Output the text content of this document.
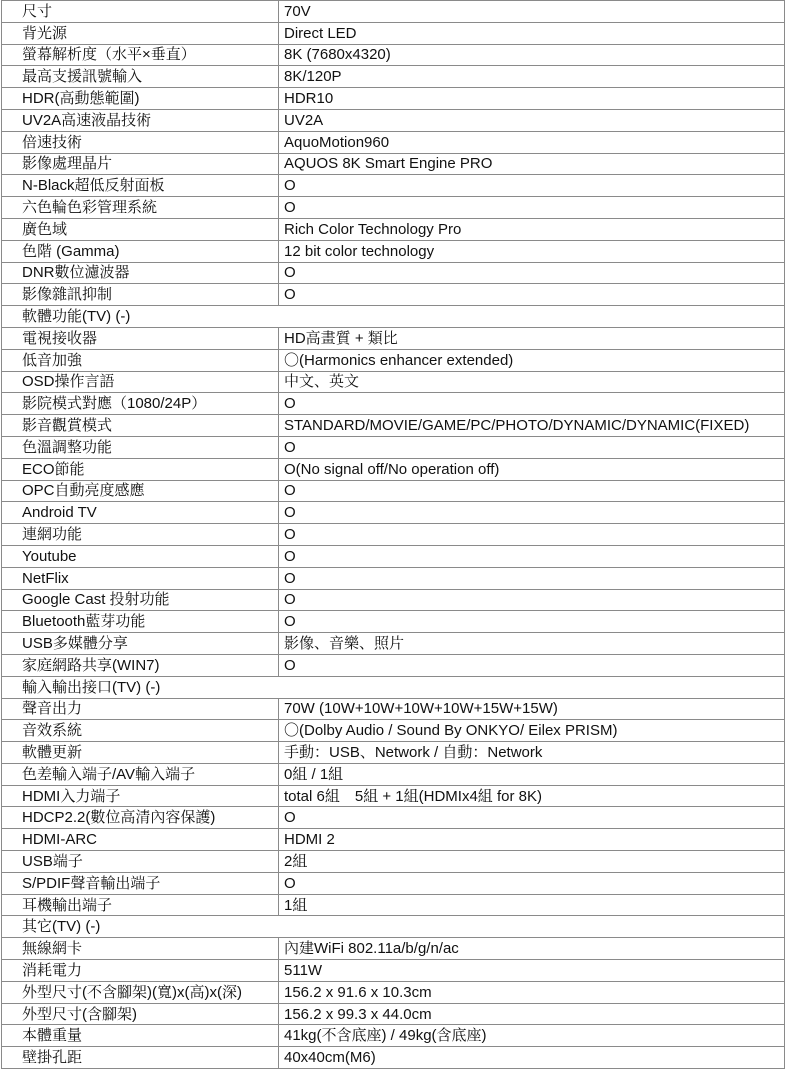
尺寸	70V
背光源	Direct LED
螢幕解析度（水平×垂直）	8K (7680x4320)
最高支援訊號輸入	8K/120P
HDR(高動態範圍)	HDR10
UV2A高速液晶技術	UV2A
倍速技術	AquoMotion960
影像處理晶片	AQUOS 8K Smart Engine PRO
N-Black超低反射面板	O
六色輪色彩管理系統	O
廣色域	Rich Color Technology Pro
色階 (Gamma)	12 bit color technology
DNR數位濾波器	O
影像雜訊抑制	O
軟體功能(TV) (-)	
電視接收器	HD高畫質 + 類比
低音加強	〇(Harmonics enhancer extended)
OSD操作言語	中文、英文
影院模式對應（1080/24P）	O
影音觀賞模式	STANDARD/MOVIE/GAME/PC/PHOTO/DYNAMIC/DYNAMIC(FIXED)
色溫調整功能	O
ECO節能	O(No signal off/No operation off)
OPC自動亮度感應	O
Android TV	O
連網功能	O
Youtube	O
NetFlix	O
Google Cast 投射功能	O
Bluetooth藍芽功能	O
USB多媒體分享	影像、音樂、照片
家庭網路共享(WIN7)	O
輸入輸出接口(TV) (-)	
聲音出力	70W (10W+10W+10W+10W+15W+15W)
音效系統	〇(Dolby Audio / Sound By ONKYO/ Eilex PRISM)
軟體更新	手動：USB、Network / 自動：Network
色差輸入端子/AV輸入端子	0組 / 1組
HDMI入力端子	total 6組　5組 + 1組(HDMIx4組 for 8K)
HDCP2.2(數位高清內容保護)	O
HDMI-ARC	HDMI 2
USB端子	2組
S/PDIF聲音輸出端子	O
耳機輸出端子	1組
其它(TV) (-)	
無線網卡	內建WiFi 802.11a/b/g/n/ac
消耗電力	511W
外型尺寸(不含腳架)(寬)x(高)x(深)	156.2 x 91.6 x 10.3cm
外型尺寸(含腳架)	156.2 x 99.3 x 44.0cm
本體重量	41kg(不含底座) / 49kg(含底座)
壁掛孔距	40x40cm(M6)
